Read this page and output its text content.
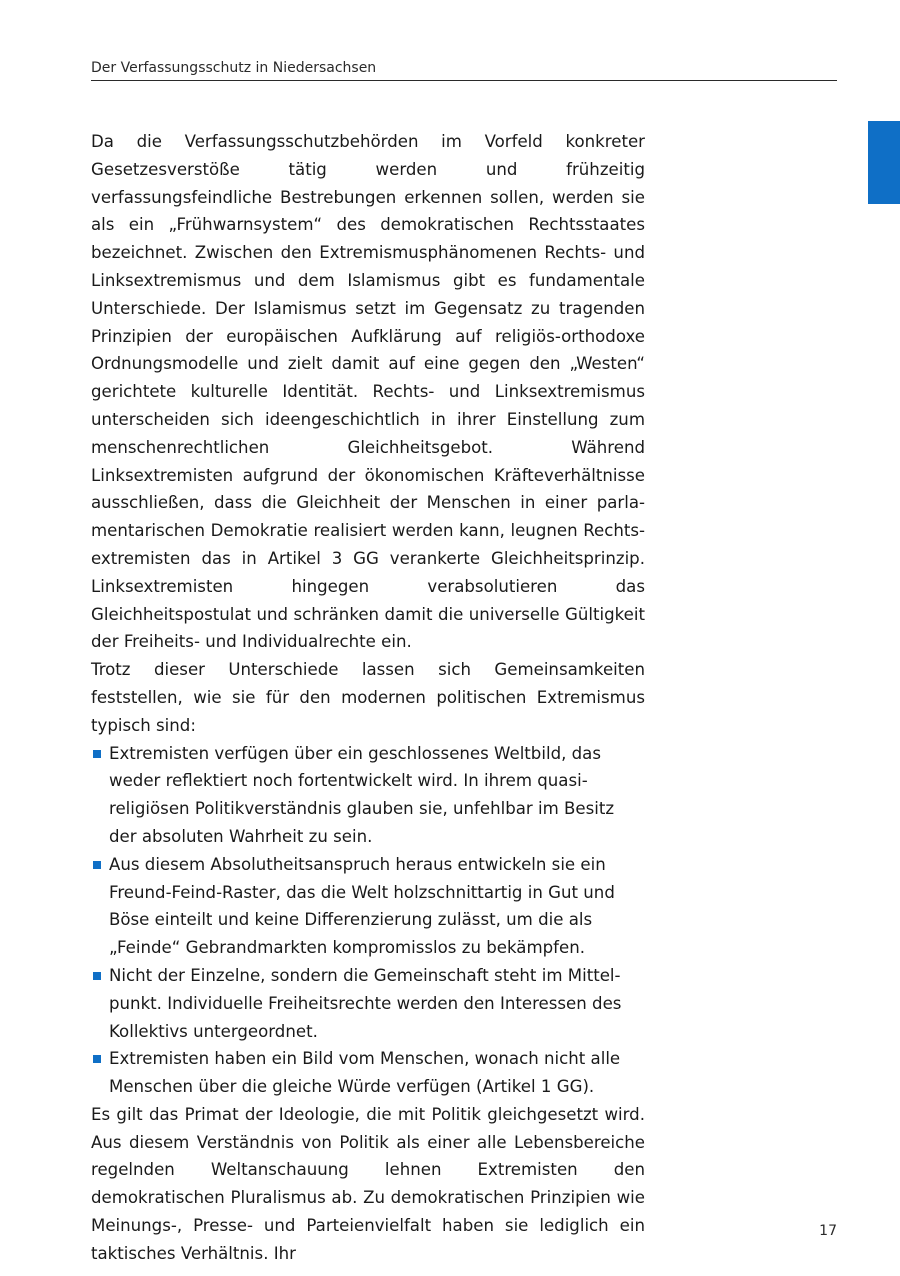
Der Verfassungsschutz in Niedersachsen

Da die Verfassungsschutzbehörden im Vorfeld konkreter Gesetzesverstöße tätig werden und frühzeitig verfassungsfeindliche Bestrebungen erkennen sollen, werden sie als ein „Frühwarnsystem“ des demokratischen Rechtsstaates bezeichnet. Zwischen den Extremismusphänomenen Rechts- und Linksextremismus und dem Islamismus gibt es fundamentale Unterschiede. Der Islamismus setzt im Gegensatz zu tragenden Prinzipien der europäischen Aufklärung auf religiös-orthodoxe Ordnungsmodelle und zielt damit auf eine gegen den „Westen“ gerichtete kulturelle Identität. Rechts- und Linksextremismus unterscheiden sich ideengeschichtlich in ihrer Einstellung zum menschenrechtlichen Gleichheitsgebot. Während Linksextremisten aufgrund der ökonomischen Kräfteverhältnisse ausschließen, dass die Gleichheit der Menschen in einer parlamentarischen Demokratie realisiert werden kann, leugnen Rechtsextremisten das in Artikel 3 GG verankerte Gleichheitsprinzip. Linksextremisten hingegen verabsolutieren das Gleichheitspostulat und schränken damit die universelle Gültigkeit der Freiheits- und Individualrechte ein.

Trotz dieser Unterschiede lassen sich Gemeinsamkeiten feststellen, wie sie für den modernen politischen Extremismus typisch sind:

Extremisten verfügen über ein geschlossenes Weltbild, das weder reflektiert noch fortentwickelt wird. In ihrem quasireligiösen Politikverständnis glauben sie, unfehlbar im Besitz der absoluten Wahrheit zu sein.
Aus diesem Absolutheitsanspruch heraus entwickeln sie ein Freund-Feind-Raster, das die Welt holzschnittartig in Gut und Böse einteilt und keine Differenzierung zulässt, um die als „Feinde“ Gebrandmarkten kompromisslos zu bekämpfen.
Nicht der Einzelne, sondern die Gemeinschaft steht im Mittelpunkt. Individuelle Freiheitsrechte werden den Interessen des Kollektivs untergeordnet.
Extremisten haben ein Bild vom Menschen, wonach nicht alle Menschen über die gleiche Würde verfügen (Artikel 1 GG).

Es gilt das Primat der Ideologie, die mit Politik gleichgesetzt wird. Aus diesem Verständnis von Politik als einer alle Lebensbereiche regelnden Weltanschauung lehnen Extremisten den demokratischen Pluralismus ab. Zu demokratischen Prinzipien wie Meinungs-, Presse- und Parteienvielfalt haben sie lediglich ein taktisches Verhältnis. Ihr

17
